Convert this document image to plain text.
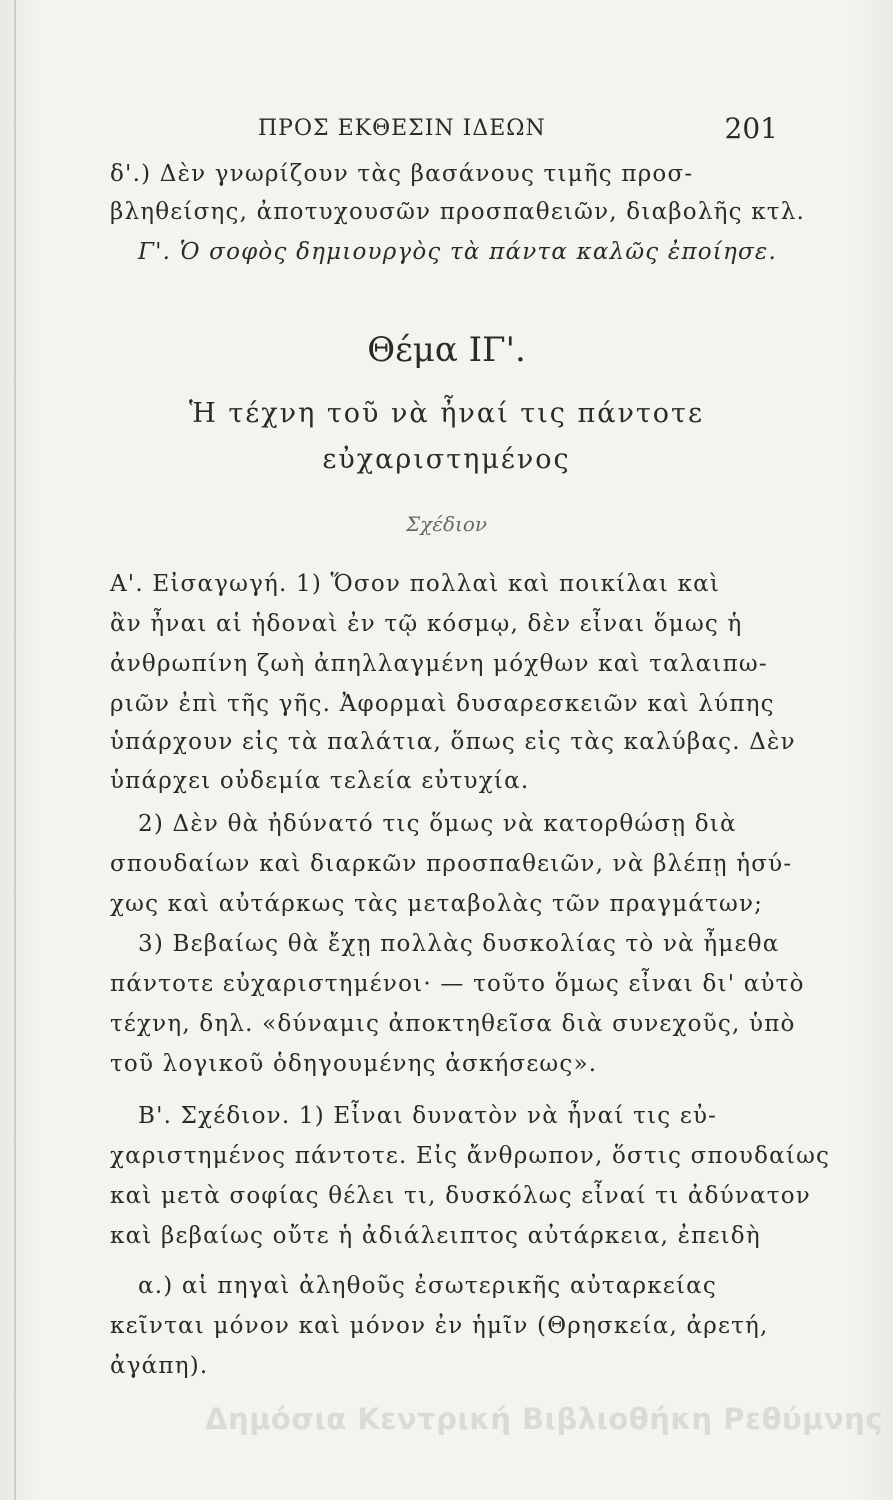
ΠΡΟΣ ΕΚΘΕΣΙΝ ΙΔΕΩΝ	201
δ'.) Δὲν γνωρίζουν τὰς βασάνους τιμῆς προσ-
βληθείσης, ἀποτυχουσῶν προσπαθειῶν, διαβολῆς κτλ.
Γ'. Ὁ σοφὸς δημιουργὸς τὰ πάντα καλῶς ἐποίησε.
Θέμα ΙΓ'.
Ἡ τέχνη τοῦ νὰ ἦναί τις πάντοτε
εὐχαριστημένος
Σχέδιον
Α'. Εἰσαγωγή. 1) Ὅσον πολλαὶ καὶ ποικίλαι καὶ
ἂν ἦναι αἱ ἡδοναὶ ἐν τῷ κόσμῳ, δὲν εἶναι ὅμως ἡ
ἀνθρωπίνη ζωὴ ἀπηλλαγμένη μόχθων καὶ ταλαιπω-
ριῶν ἐπὶ τῆς γῆς. Ἀφορμαὶ δυσαρεσκειῶν καὶ λύπης
ὑπάρχουν εἰς τὰ παλάτια, ὅπως εἰς τὰς καλύβας. Δὲν
ὑπάρχει οὐδεμία τελεία εὐτυχία.
2) Δὲν θὰ ἠδύνατό τις ὅμως νὰ κατορθώσῃ διὰ
σπουδαίων καὶ διαρκῶν προσπαθειῶν, νὰ βλέπῃ ἡσύ-
χως καὶ αὐτάρκως τὰς μεταβολὰς τῶν πραγμάτων;
3) Βεβαίως θὰ ἔχῃ πολλὰς δυσκολίας τὸ νὰ ἦμεθα
πάντοτε εὐχαριστημένοι· — τοῦτο ὅμως εἶναι δι' αὐτὸ
τέχνη, δηλ. «δύναμις ἀποκτηθεῖσα διὰ συνεχοῦς, ὑπὸ
τοῦ λογικοῦ ὁδηγουμένης ἀσκήσεως».
Β'. Σχέδιον. 1) Εἶναι δυνατὸν νὰ ἦναί τις εὐ-
χαριστημένος πάντοτε. Εἰς ἄνθρωπον, ὅστις σπουδαίως
καὶ μετὰ σοφίας θέλει τι, δυσκόλως εἶναί τι ἀδύνατον
καὶ βεβαίως οὔτε ἡ ἀδιάλειπτος αὐτάρκεια, ἐπειδὴ
α.) αἱ πηγαὶ ἀληθοῦς ἐσωτερικῆς αὐταρκείας
κεῖνται μόνον καὶ μόνον ἐν ἡμῖν (Θρησκεία, ἀρετή,
ἀγάπη).
Δημόσια Κεντρική Βιβλιοθήκη Ρεθύμνης
